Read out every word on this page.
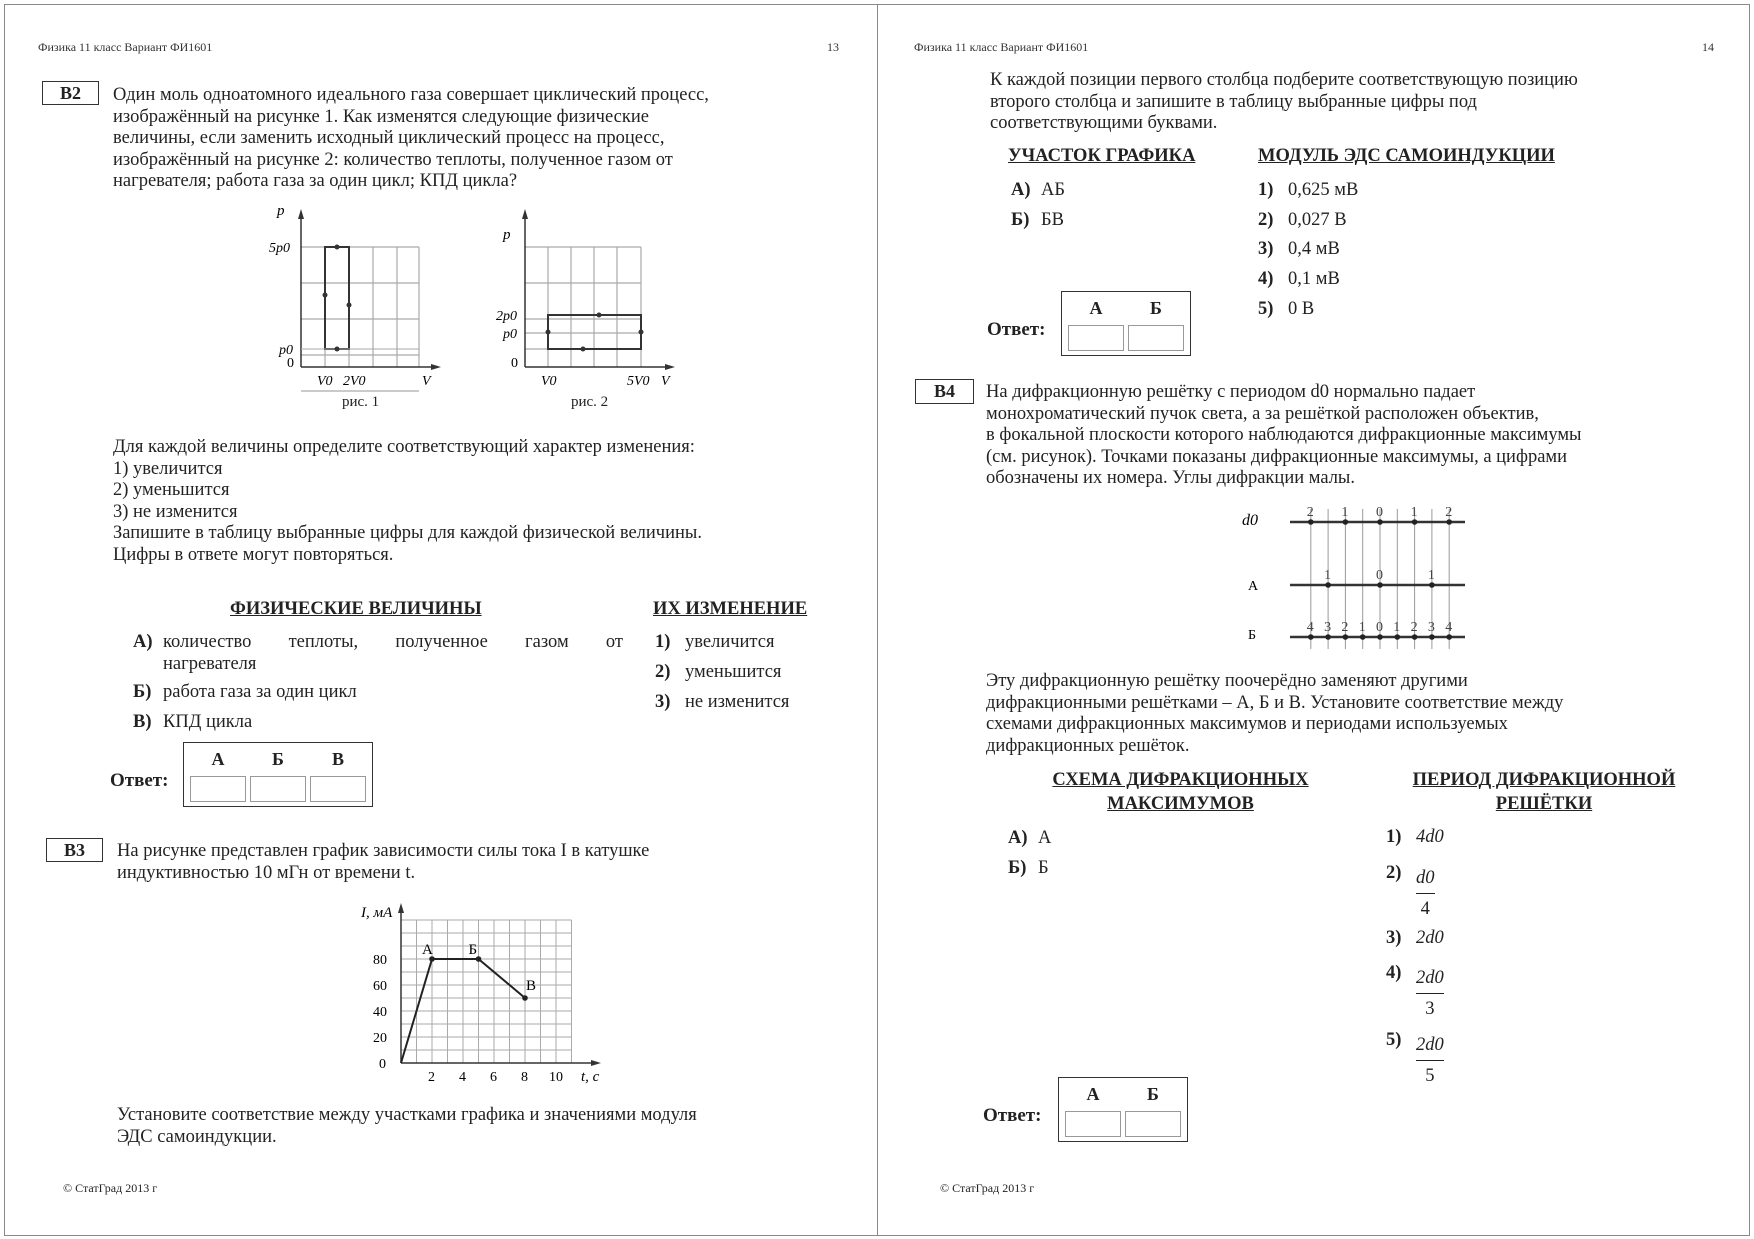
Физика 11 класс Вариант ФИ1601	13
B2	Один моль одноатомного идеального газа совершает циклический процесс,
изображённый на рисунке 1. Как изменятся следующие физические
величины, если заменить исходный циклический процесс на процесс,
изображённый на рисунке 2: количество теплоты, полученное газом от
нагревателя; работа газа за один цикл; КПД цикла?
p
5p0
p0
0
V0 2V0	V
рис. 1
p
2p0
p0
0
V0	5V0 V
рис. 2
Для каждой величины определите соответствующий характер изменения:
1) увеличится
2) уменьшится
3) не изменится
Запишите в таблицу выбранные цифры для каждой физической величины.
Цифры в ответе могут повторяться.
ФИЗИЧЕСКИЕ ВЕЛИЧИНЫ	ИХ ИЗМЕНЕНИЕ
А) количество теплоты, полученное газом от
нагревателя
Б) работа газа за один цикл
В) КПД цикла
1) увеличится
2) уменьшится
3) не изменится
Ответ:
А	Б	В
B3	На рисунке представлен график зависимости силы тока I в катушке
индуктивностью 10 мГн от времени t.
I, мА
t, с
0
20
40
60
80
2 4 6 8 10
А Б
В
Установите соответствие между участками графика и значениями модуля
ЭДС самоиндукции.
© СтатГрад 2013 г
Физика 11 класс Вариант ФИ1601	14
К каждой позиции первого столбца подберите соответствующую позицию
второго столбца и запишите в таблицу выбранные цифры под
соответствующими буквами.
УЧАСТОК ГРАФИКА	МОДУЛЬ ЭДС САМОИНДУКЦИИ
А) АБ
Б) БВ
1) 0,625 мВ
2) 0,027 В
3) 0,4 мВ
4) 0,1 мВ
5) 0 В
Ответ:
А	Б
B4	На дифракционную решётку с периодом d0 нормально падает
монохроматический пучок света, а за решёткой расположен объектив,
в фокальной плоскости которого наблюдаются дифракционные максимумы
(см. рисунок). Точками показаны дифракционные максимумы, а цифрами
обозначены их номера. Углы дифракции малы.
d0
А
Б
2 1 0 1 2
1	0	1
4 3 2 1 0 1 2 3 4
Эту дифракционную решётку поочерёдно заменяют другими
дифракционными решётками – А, Б и В. Установите соответствие между
схемами дифракционных максимумов и периодами используемых
дифракционных решёток.
СХЕМА ДИФРАКЦИОННЫХ
МАКСИМУМОВ
ПЕРИОД ДИФРАКЦИОННОЙ
РЕШЁТКИ
А) А
Б) Б
1) 4d0
$2) \frac{d0}{4}$
3) 2d0
$4) \frac{2d0}{3}$
$5) \frac{2d0}{5}$
Ответ:
А	Б
© СтатГрад 2013 г
